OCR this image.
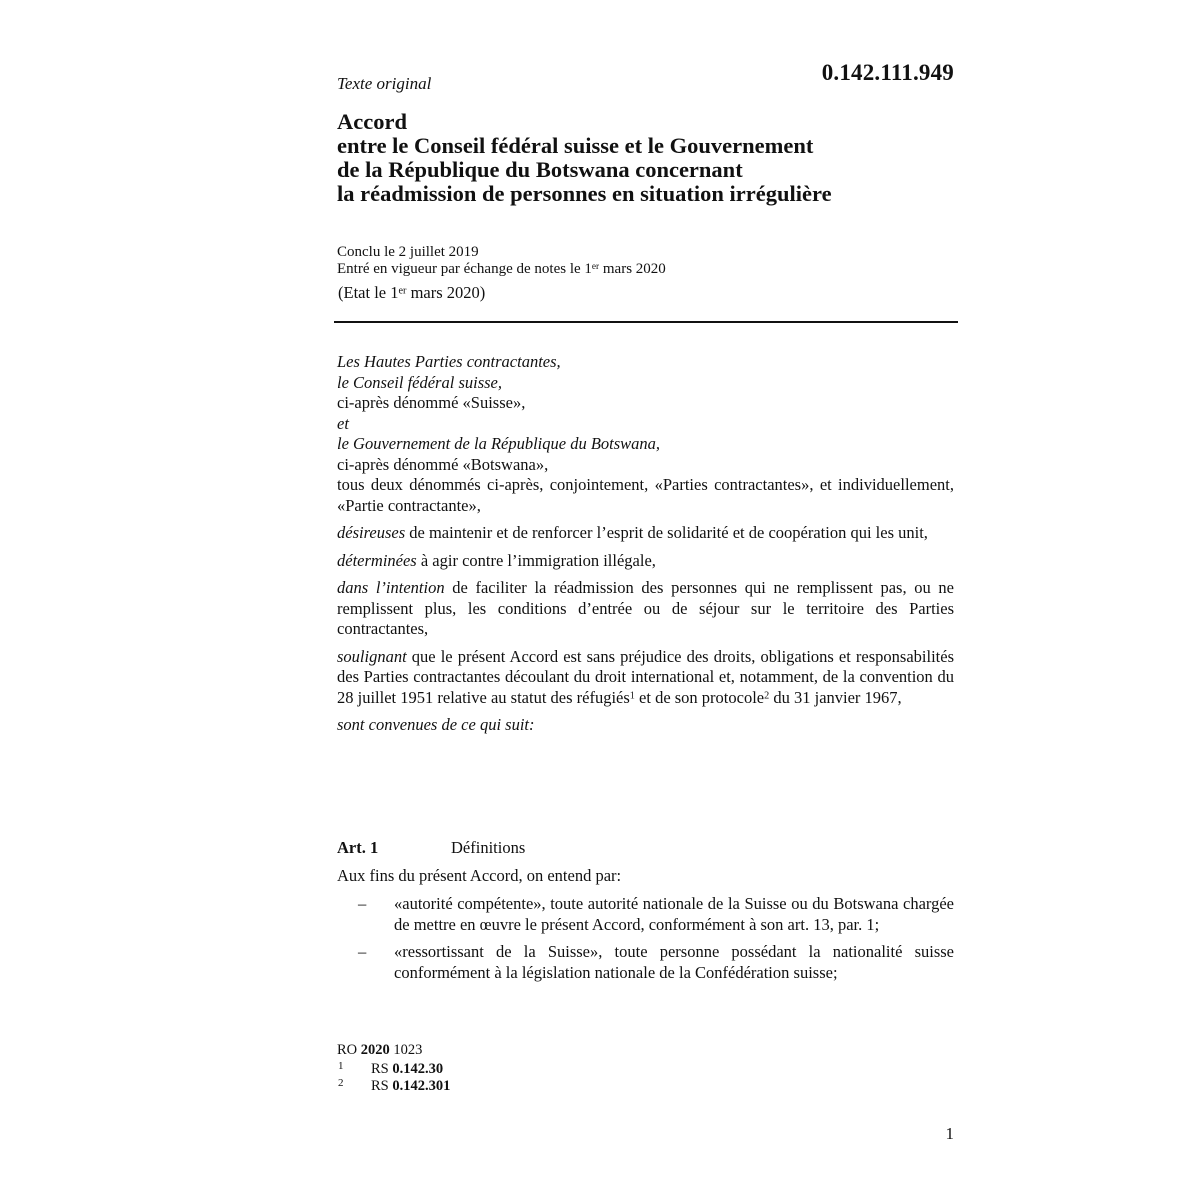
0.142.111.949
Texte original
Accord
entre le Conseil fédéral suisse et le Gouvernement
de la République du Botswana concernant
la réadmission de personnes en situation irrégulière
Conclu le 2 juillet 2019
Entré en vigueur par échange de notes le 1er mars 2020
(Etat le 1er mars 2020)

Les Hautes Parties contractantes,
le Conseil fédéral suisse,
ci-après dénommé «Suisse»,
et
le Gouvernement de la République du Botswana,
ci-après dénommé «Botswana»,

tous deux dénommés ci-après, conjointement, «Parties contractantes», et individuellement, «Partie contractante»,

désireuses de maintenir et de renforcer l’esprit de solidarité et de coopération qui les unit,

déterminées à agir contre l’immigration illégale,

dans l’intention de faciliter la réadmission des personnes qui ne remplissent pas, ou ne remplissent plus, les conditions d’entrée ou de séjour sur le territoire des Parties contractantes,

soulignant que le présent Accord est sans préjudice des droits, obligations et responsabilités des Parties contractantes découlant du droit international et, notamment, de la convention du 28 juillet 1951 relative au statut des réfugiés$^1$ et de son protocole$^2$ du 31 janvier 1967,

sont convenues de ce qui suit:

Art. 1	Définitions
Aux fins du présent Accord, on entend par:
– «autorité compétente», toute autorité nationale de la Suisse ou du Botswana chargée de mettre en œuvre le présent Accord, conformément à son art. 13, par. 1;
– «ressortissant de la Suisse», toute personne possédant la nationalité suisse conformément à la législation nationale de la Confédération suisse;
RO 2020 1023
1 RS 0.142.30
2 RS 0.142.301
1
